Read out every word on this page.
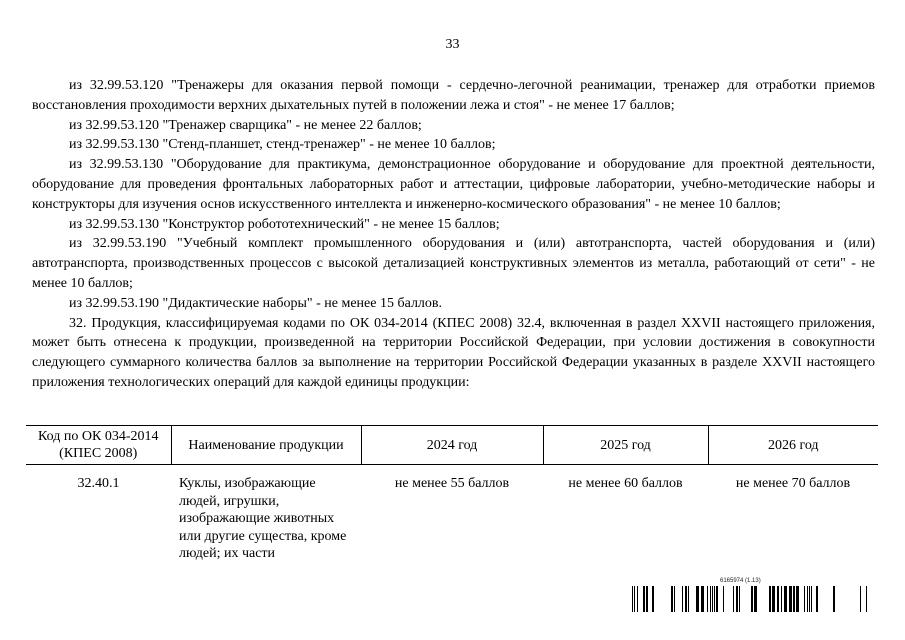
33

из 32.99.53.120 "Тренажеры для оказания первой помощи - сердечно-легочной реанимации, тренажер для отработки приемов восстановления проходимости верхних дыхательных путей в положении лежа и стоя" - не менее 17 баллов;

из 32.99.53.120 "Тренажер сварщика" - не менее 22 баллов;

из 32.99.53.130 "Стенд-планшет, стенд-тренажер" - не менее 10 баллов;

из 32.99.53.130 "Оборудование для практикума, демонстрационное оборудование и оборудование для проектной деятельности, оборудование для проведения фронтальных лабораторных работ и аттестации, цифровые лаборатории, учебно-методические наборы и конструкторы для изучения основ искусственного интеллекта и инженерно-космического образования" - не менее 10 баллов;

из 32.99.53.130 "Конструктор робототехнический" - не менее 15 баллов;

из 32.99.53.190 "Учебный комплект промышленного оборудования и (или) автотранспорта, частей оборудования и (или) автотранспорта, производственных процессов с высокой детализацией конструктивных элементов из металла, работающий от сети" - не менее 10 баллов;

из 32.99.53.190 "Дидактические наборы" - не менее 15 баллов.

32. Продукция, классифицируемая кодами по ОК 034-2014 (КПЕС 2008) 32.4, включенная в раздел XXVII настоящего приложения, может быть отнесена к продукции, произведенной на территории Российской Федерации, при условии достижения в совокупности следующего суммарного количества баллов за выполнение на территории Российской Федерации указанных в разделе XXVII настоящего приложения технологических операций для каждой единицы продукции:

Код по ОК 034-2014 (КПЕС 2008)	Наименование продукции	2024 год	2025 год	2026 год
32.40.1	Куклы, изображающие людей, игрушки, изображающие животных или другие существа, кроме людей; их части	не менее 55 баллов	не менее 60 баллов	не менее 70 баллов
6165974 (1.13)
